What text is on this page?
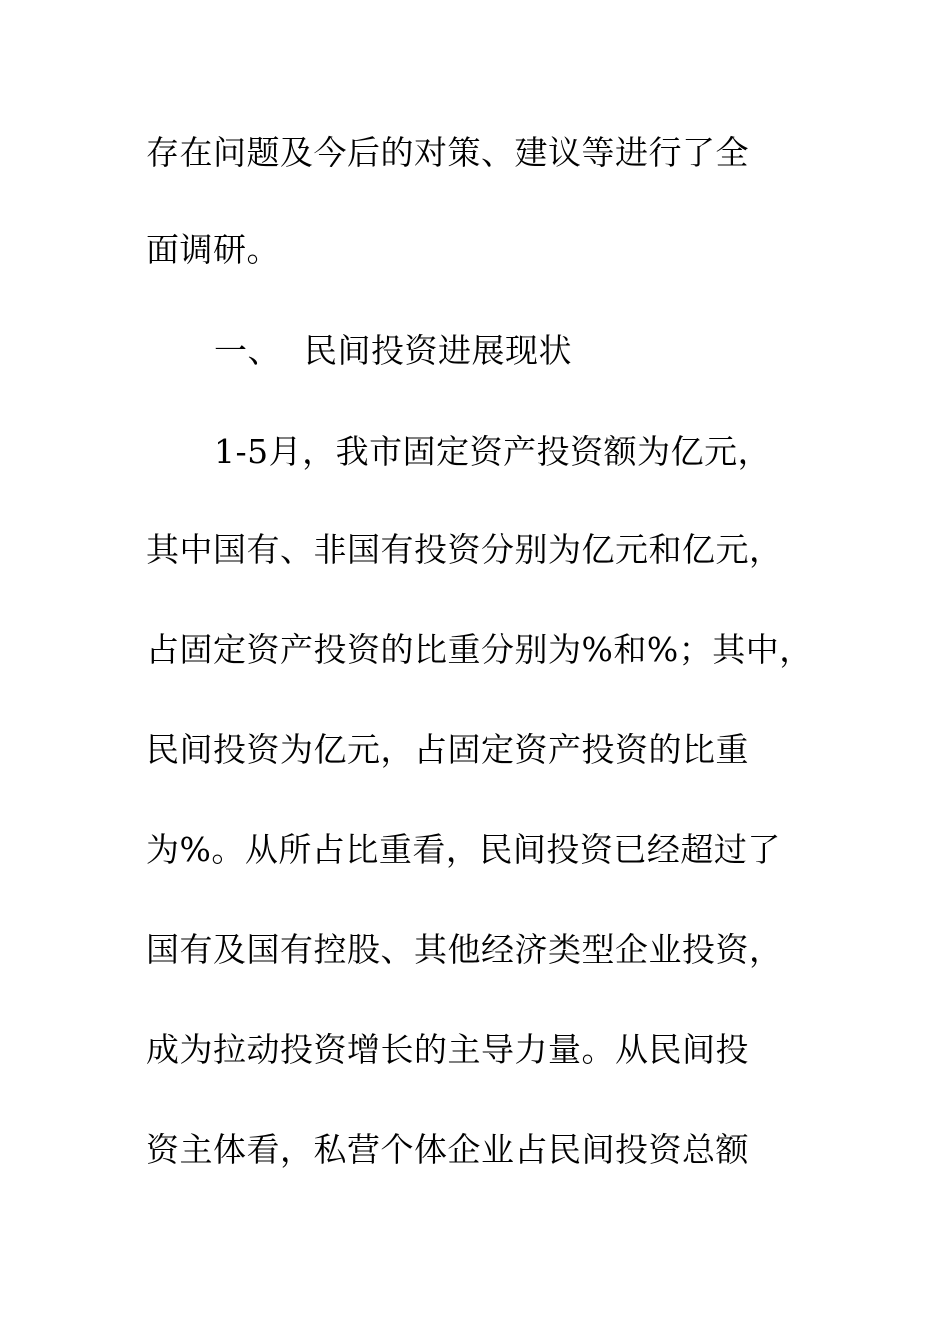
存在问题及今后的对策、建议等进行了全
面调研。
一、 民间投资进展现状
1-5月，我市固定资产投资额为亿元，
其中国有、非国有投资分别为亿元和亿元，
占固定资产投资的比重分别为%和%；其中，
民间投资为亿元，占固定资产投资的比重
为%。从所占比重看，民间投资已经超过了
国有及国有控股、其他经济类型企业投资，
成为拉动投资增长的主导力量。从民间投
资主体看，私营个体企业占民间投资总额
